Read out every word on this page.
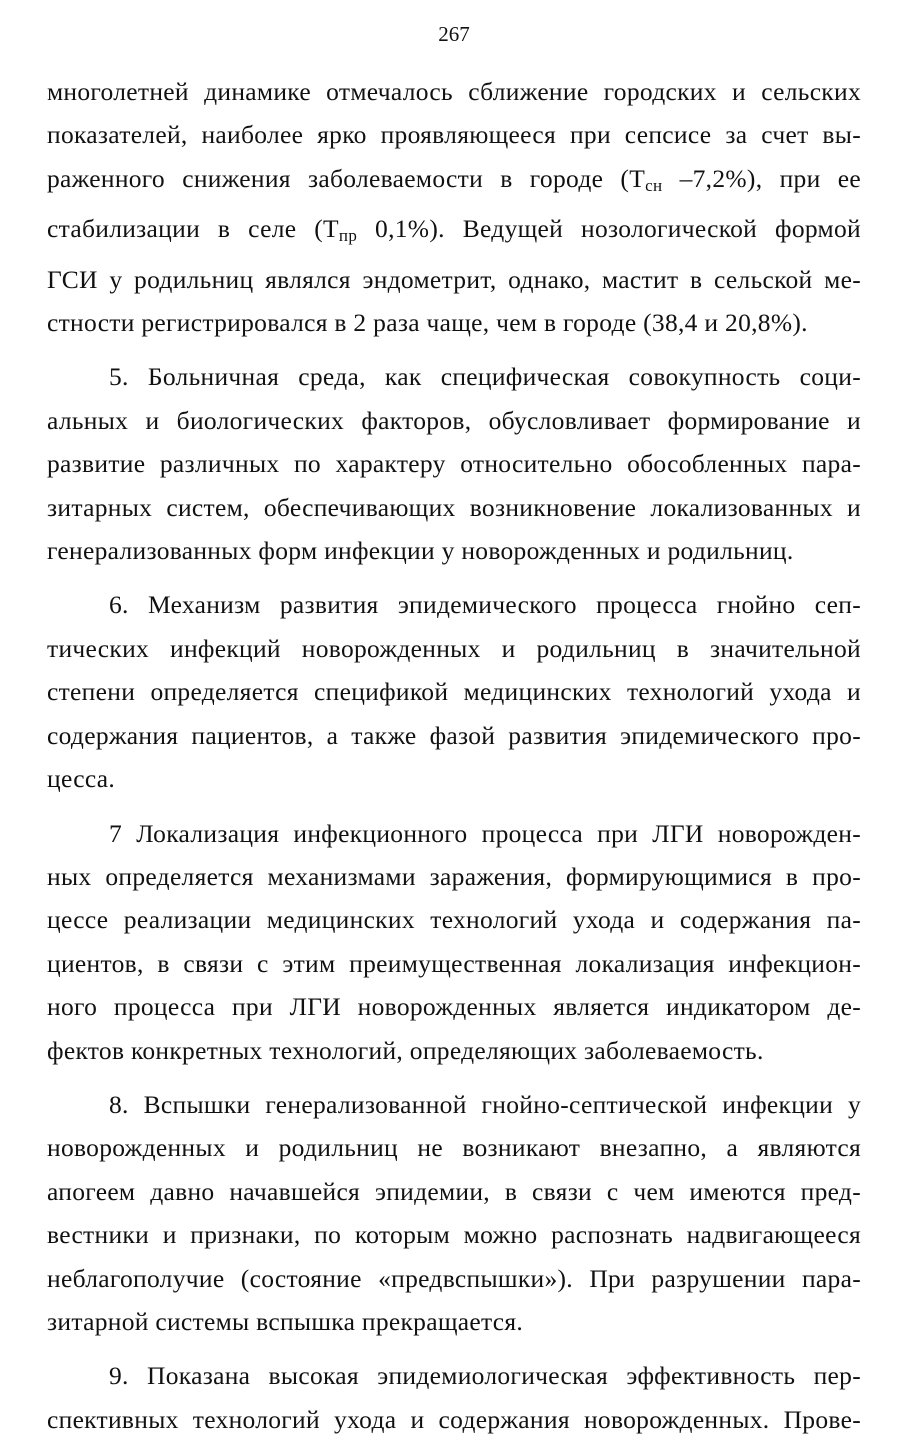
267
многолетней динамике отмечалось сближение городских и сельских
показателей, наиболее ярко проявляющееся при сепсисе за счет вы-
раженного снижения заболеваемости в городе ($Т_{сн}$ –7,2%), при ее
стабилизации в селе ($Т_{пр}$ 0,1%). Ведущей нозологической формой
ГСИ у родильниц являлся эндометрит, однако, мастит в сельской ме-
стности регистрировался в 2 раза чаще, чем в городе (38,4 и 20,8%).
5. Больничная среда, как специфическая совокупность соци-
альных и биологических факторов, обусловливает формирование и
развитие различных по характеру относительно обособленных пара-
зитарных систем, обеспечивающих возникновение локализованных и
генерализованных форм инфекции у новорожденных и родильниц.
6. Механизм развития эпидемического процесса гнойно сеп-
тических инфекций новорожденных и родильниц в значительной
степени определяется спецификой медицинских технологий ухода и
содержания пациентов, а также фазой развития эпидемического про-
цесса.
7 Локализация инфекционного процесса при ЛГИ новорожден-
ных определяется механизмами заражения, формирующимися в про-
цессе реализации медицинских технологий ухода и содержания па-
циентов, в связи с этим преимущественная локализация инфекцион-
ного процесса при ЛГИ новорожденных является индикатором де-
фектов конкретных технологий, определяющих заболеваемость.
8. Вспышки генерализованной гнойно-септической инфекции у
новорожденных и родильниц не возникают внезапно, а являются
апогеем давно начавшейся эпидемии, в связи с чем имеются пред-
вестники и признаки, по которым можно распознать надвигающееся
неблагополучие (состояние «предвспышки»). При разрушении пара-
зитарной системы вспышка прекращается.
9. Показана высокая эпидемиологическая эффективность пер-
спективных технологий ухода и содержания новорожденных. Прове-
